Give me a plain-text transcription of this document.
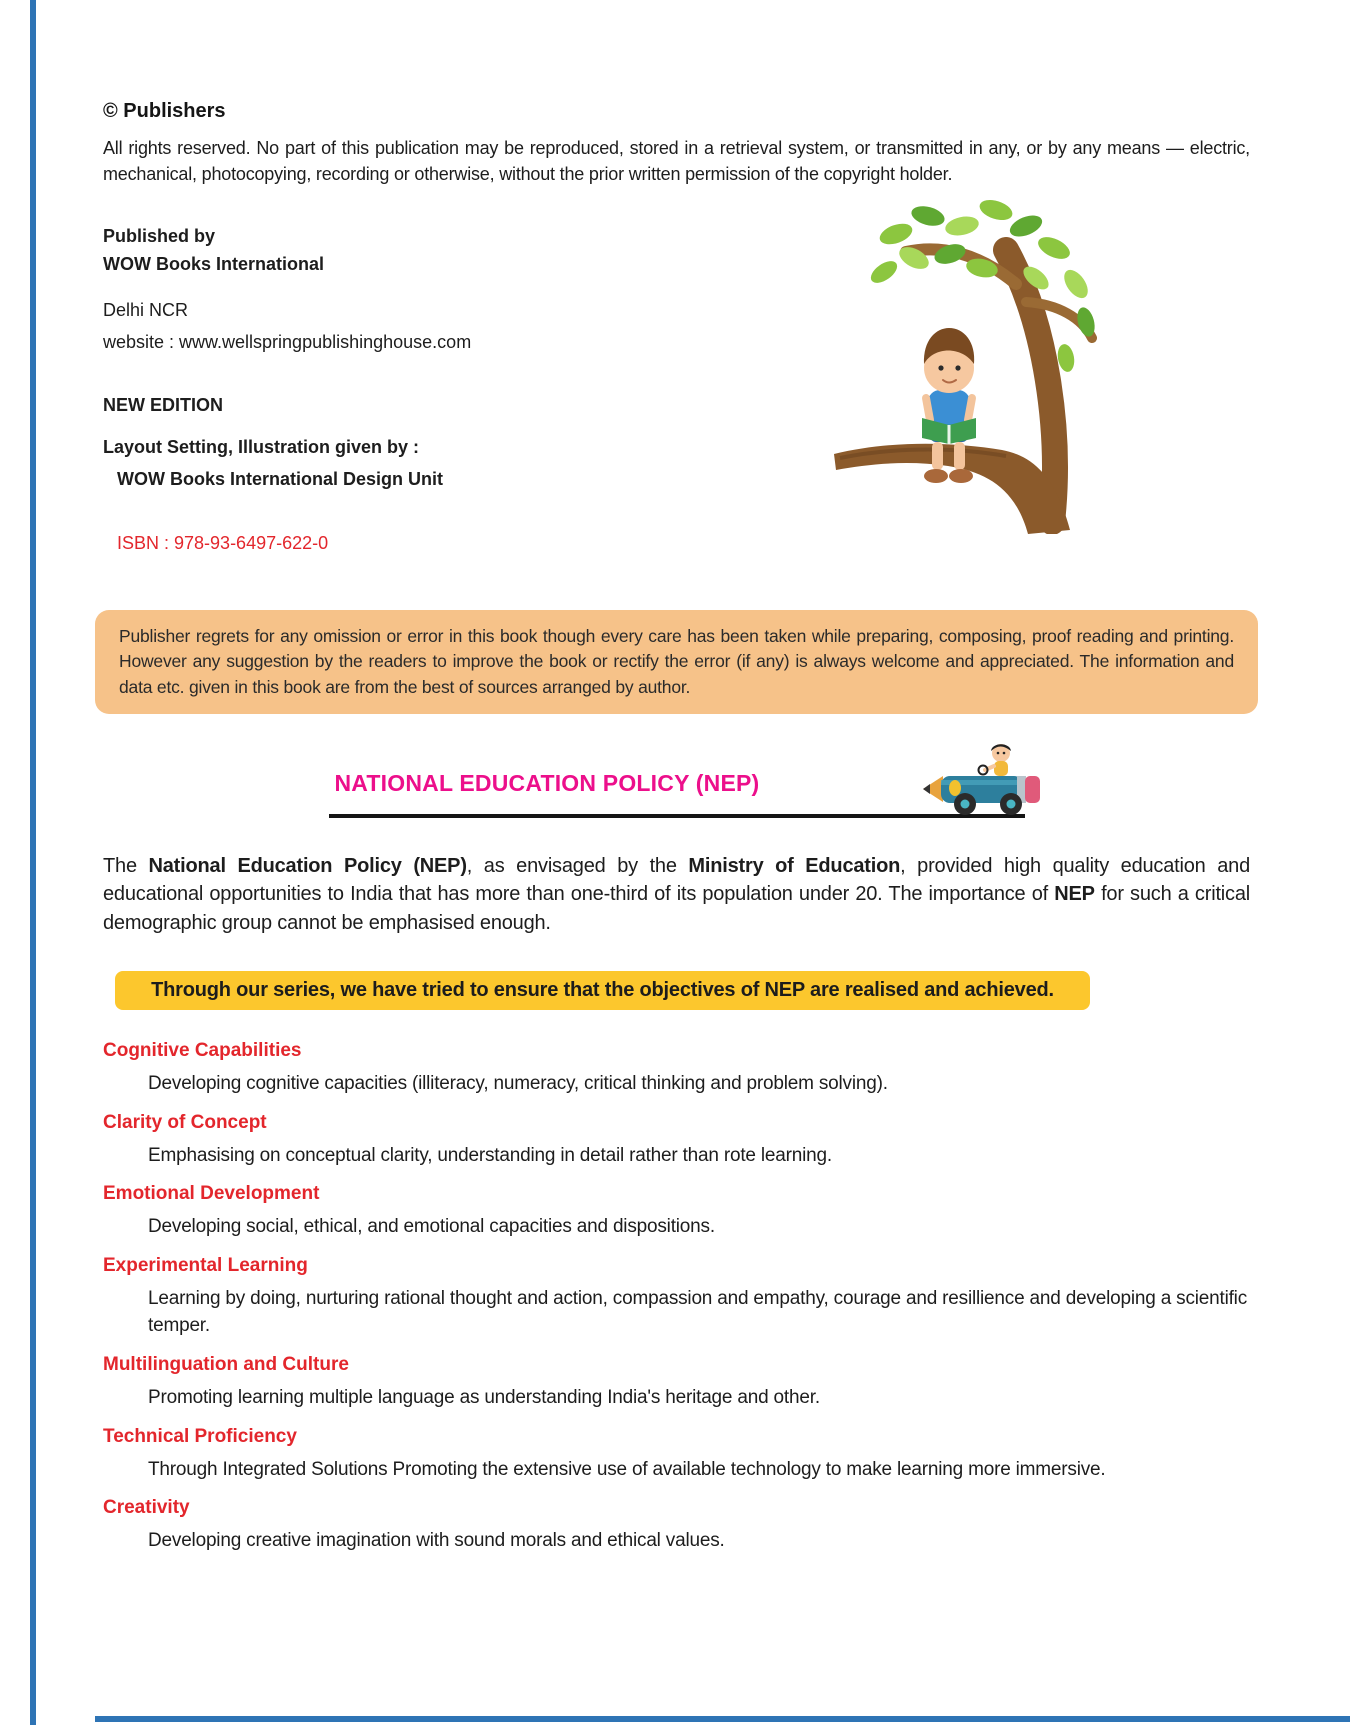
© Publishers
All rights reserved. No part of this publication may be reproduced, stored in a retrieval system, or transmitted in any, or by any means — electric, mechanical, photocopying, recording or otherwise, without the prior written permission of the copyright holder.
Published by
WOW Books International
Delhi NCR
website : www.wellspringpublishinghouse.com
NEW EDITION
Layout Setting, Illustration given by :
WOW Books International Design Unit
ISBN : 978-93-6497-622-0
Publisher regrets for any omission or error in this book though every care has been taken while preparing, composing, proof reading and printing. However any suggestion by the readers to improve the book or rectify the error (if any) is always welcome and appreciated. The information and data etc. given in this book are from the best of sources arranged by author.
NATIONAL EDUCATION POLICY (NEP)
The National Education Policy (NEP), as envisaged by the Ministry of Education, provided high quality education and educational opportunities to India that has more than one-third of its population under 20. The importance of NEP for such a critical demographic group cannot be emphasised enough.
Through our series, we have tried to ensure that the objectives of NEP are realised and achieved.
Cognitive Capabilities
Developing cognitive capacities (illiteracy, numeracy, critical thinking and problem solving).
Clarity of Concept
Emphasising on conceptual clarity, understanding in detail rather than rote learning.
Emotional Development
Developing social, ethical, and emotional capacities and dispositions.
Experimental Learning
Learning by doing, nurturing rational thought and action, compassion and empathy, courage and resillience and developing a scientific temper.
Multilinguation and Culture
Promoting learning multiple language as understanding India's heritage and other.
Technical Proficiency
Through Integrated Solutions Promoting the extensive use of available technology to make learning more immersive.
Creativity
Developing creative imagination with sound morals and ethical values.
